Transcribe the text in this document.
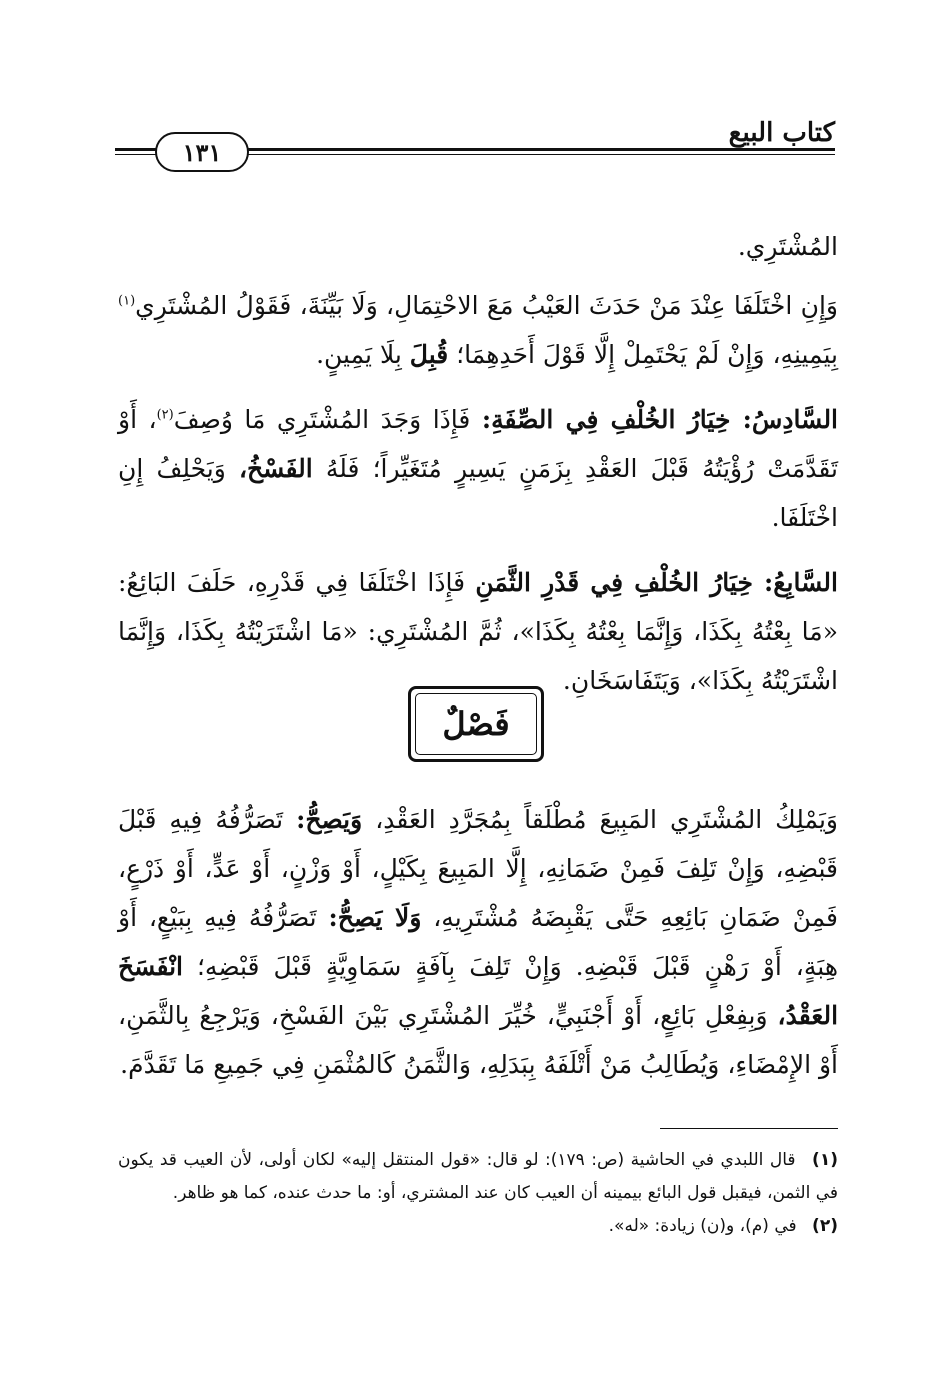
كتاب البيع
١٣١

المُشْتَرِي.

وَإِنِ اخْتَلَفَا عِنْدَ مَنْ حَدَثَ العَيْبُ مَعَ الاحْتِمَالِ، وَلَا بَيِّنَةَ، فَقَوْلُ المُشْتَرِي$^{(١)}$ بِيَمِينِهِ، وَإِنْ لَمْ يَحْتَمِلْ إِلَّا قَوْلَ أَحَدِهِمَا؛ قُبِلَ بِلَا يَمِينٍ.

السَّادِسُ: خِيَارُ الخُلْفِ فِي الصِّفَةِ: فَإِذَا وَجَدَ المُشْتَرِي مَا وُصِفَ$^{(٢)}$، أَوْ تَقَدَّمَتْ رُؤْيَتُهُ قَبْلَ العَقْدِ بِزَمَنٍ يَسِيرٍ مُتَغَيِّراً؛ فَلَهُ الفَسْخُ، وَيَحْلِفُ إِنِ اخْتَلَفَا.

السَّابِعُ: خِيَارُ الخُلْفِ فِي قَدْرِ الثَّمَنِ فَإِذَا اخْتَلَفَا فِي قَدْرِهِ، حَلَفَ البَائِعُ: «مَا بِعْتُهُ بِكَذَا، وَإِنَّمَا بِعْتُهُ بِكَذَا»، ثُمَّ المُشْتَرِي: «مَا اشْتَرَيْتُهُ بِكَذَا، وَإِنَّمَا اشْتَرَيْتُهُ بِكَذَا»، وَيَتَفَاسَخَانِ.

فَصْلٌ

وَيَمْلِكُ المُشْتَرِي المَبِيعَ مُطْلَقاً بِمُجَرَّدِ العَقْدِ، وَيَصِحُّ: تَصَرُّفُهُ فِيهِ قَبْلَ قَبْضِهِ، وَإِنْ تَلِفَ فَمِنْ ضَمَانِهِ، إِلَّا المَبِيعَ بِكَيْلٍ، أَوْ وَزْنٍ، أَوْ عَدٍّ، أَوْ ذَرْعٍ، فَمِنْ ضَمَانِ بَائِعِهِ حَتَّى يَقْبِضَهُ مُشْتَرِيهِ، وَلَا يَصِحُّ: تَصَرُّفُهُ فِيهِ بِبَيْعٍ، أَوْ هِبَةٍ، أَوْ رَهْنٍ قَبْلَ قَبْضِهِ. وَإِنْ تَلِفَ بِآفَةٍ سَمَاوِيَّةٍ قَبْلَ قَبْضِهِ؛ انْفَسَخَ العَقْدُ، وَبِفِعْلِ بَائِعٍ، أَوْ أَجْنَبِيٍّ، خُيِّرَ المُشْتَرِي بَيْنَ الفَسْخِ، وَيَرْجِعُ بِالثَّمَنِ، أَوْ الإِمْضَاءِ، وَيُطَالِبُ مَنْ أَتْلَفَهُ بِبَدَلِهِ، وَالثَّمَنُ كَالمُثْمَنِ فِي جَمِيعِ مَا تَقَدَّمَ.

(١) قال اللبدي في الحاشية (ص: ١٧٩): لو قال: «قول المنتقل إليه» لكان أولى، لأن العيب قد يكون في الثمن، فيقبل قول البائع بيمينه أن العيب كان عند المشتري، أو: ما حدث عنده، كما هو ظاهر.

(٢) في (م)، و(ن) زيادة: «له».
